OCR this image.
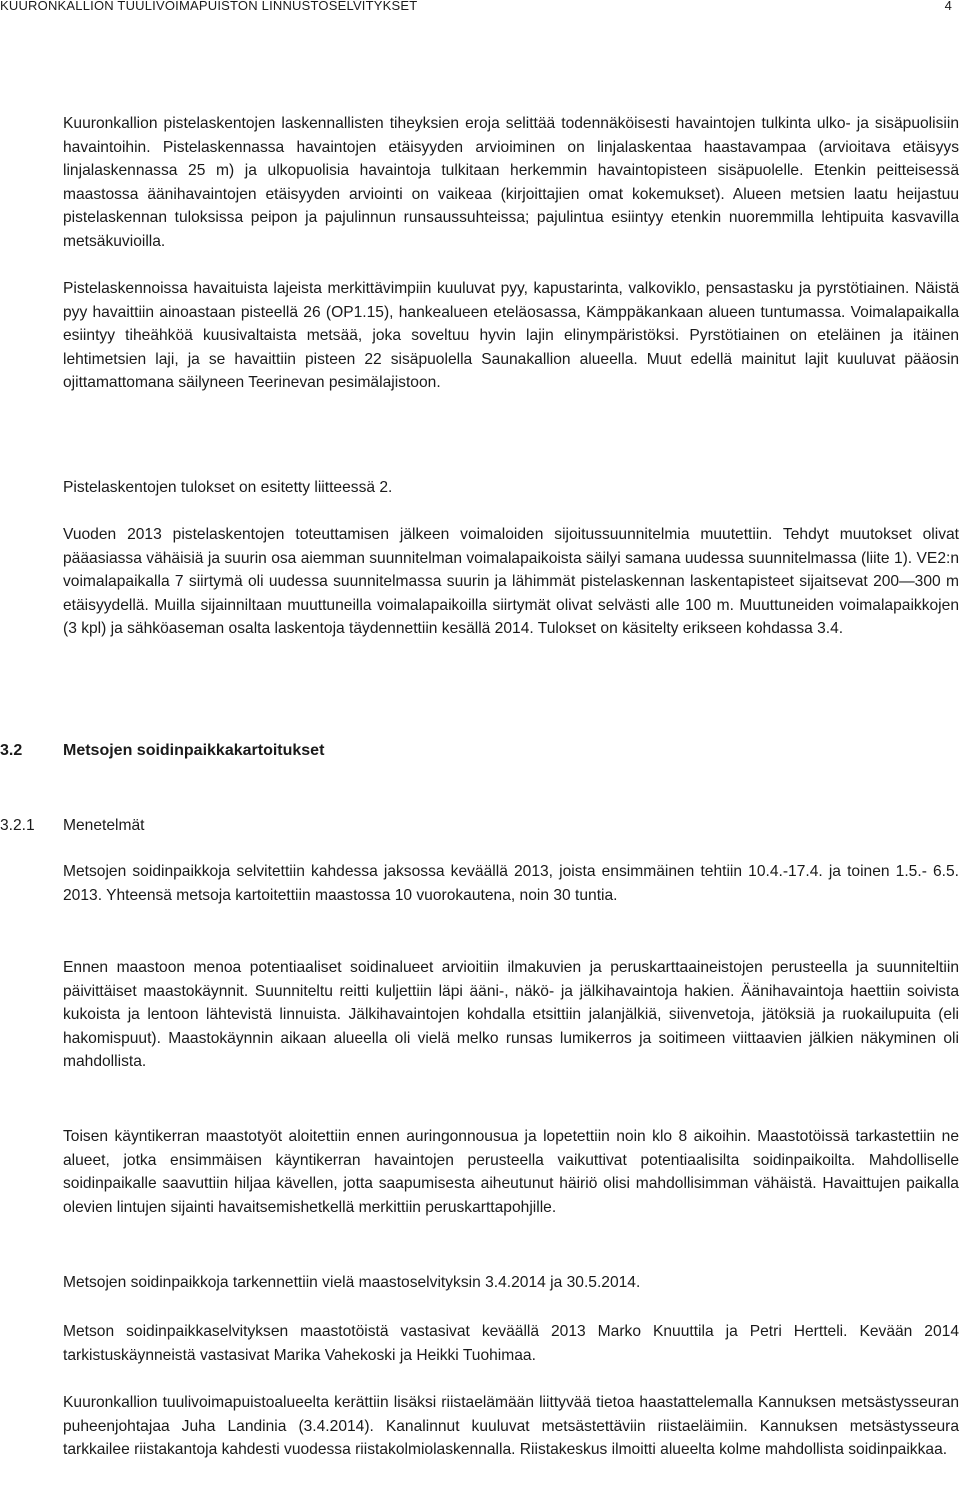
KUURONKALLION TUULIVOIMAPUISTON LINNUSTOSELVITYKSET	4

Kuuronkallion pistelaskentojen laskennallisten tiheyksien eroja selittää todennäköisesti havaintojen tulkinta ulko- ja sisäpuolisiin havaintoihin. Pistelaskennassa havaintojen etäisyyden arvioiminen on linjalaskentaa haastavampaa (arvioitava etäisyys linjalaskennassa 25 m) ja ulkopuolisia havaintoja tulkitaan herkemmin havaintopisteen sisäpuolelle. Etenkin peitteisessä maastossa äänihavaintojen etäisyyden arviointi on vaikeaa (kirjoittajien omat kokemukset). Alueen metsien laatu heijastuu pistelaskennan tuloksissa peipon ja pajulinnun runsaussuhteissa; pajulintua esiintyy etenkin nuoremmilla lehtipuita kasvavilla metsäkuvioilla.

Pistelaskennoissa havaituista lajeista merkittävimpiin kuuluvat pyy, kapustarinta, valkoviklo, pensastasku ja pyrstötiainen. Näistä pyy havaittiin ainoastaan pisteellä 26 (OP1.15), hankealueen eteläosassa, Kämppäkankaan alueen tuntumassa. Voimalapaikalla esiintyy tiheähköä kuusivaltaista metsää, joka soveltuu hyvin lajin elinympäristöksi. Pyrstötiainen on eteläinen ja itäinen lehtimetsien laji, ja se havaittiin pisteen 22 sisäpuolella Saunakallion alueella. Muut edellä mainitut lajit kuuluvat pääosin ojittamattomana säilyneen Teerinevan pesimälajistoon.

Pistelaskentojen tulokset on esitetty liitteessä 2.

Vuoden 2013 pistelaskentojen toteuttamisen jälkeen voimaloiden sijoitussuunnitelmia muutettiin. Tehdyt muutokset olivat pääasiassa vähäisiä ja suurin osa aiemman suunnitelman voimalapaikoista säilyi samana uudessa suunnitelmassa (liite 1). VE2:n voimalapaikalla 7 siirtymä oli uudessa suunnitelmassa suurin ja lähimmät pistelaskennan laskentapisteet sijaitsevat 200—300 m etäisyydellä. Muilla sijainniltaan muuttuneilla voimalapaikoilla siirtymät olivat selvästi alle 100 m. Muuttuneiden voimalapaikkojen (3 kpl) ja sähköaseman osalta laskentoja täydennettiin kesällä 2014. Tulokset on käsitelty erikseen kohdassa 3.4.

3.2	Metsojen soidinpaikkakartoitukset
3.2.1 Menetelmät

Metsojen soidinpaikkoja selvitettiin kahdessa jaksossa keväällä 2013, joista ensimmäinen tehtiin 10.4.-17.4. ja toinen 1.5.- 6.5. 2013. Yhteensä metsoja kartoitettiin maastossa 10 vuorokautena, noin 30 tuntia.

Ennen maastoon menoa potentiaaliset soidinalueet arvioitiin ilmakuvien ja peruskarttaaineistojen perusteella ja suunniteltiin päivittäiset maastokäynnit. Suunniteltu reitti kuljettiin läpi ääni-, näkö- ja jälkihavaintoja hakien. Äänihavaintoja haettiin soivista kukoista ja lentoon lähtevistä linnuista. Jälkihavaintojen kohdalla etsittiin jalanjälkiä, siivenvetoja, jätöksiä ja ruokailupuita (eli hakomispuut). Maastokäynnin aikaan alueella oli vielä melko runsas lumikerros ja soitimeen viittaavien jälkien näkyminen oli mahdollista.

Toisen käyntikerran maastotyöt aloitettiin ennen auringonnousua ja lopetettiin noin klo 8 aikoihin. Maastotöissä tarkastettiin ne alueet, jotka ensimmäisen käyntikerran havaintojen perusteella vaikuttivat potentiaalisilta soidinpaikoilta. Mahdolliselle soidinpaikalle saavuttiin hiljaa kävellen, jotta saapumisesta aiheutunut häiriö olisi mahdollisimman vähäistä. Havaittujen paikalla olevien lintujen sijainti havaitsemishetkellä merkittiin peruskarttapohjille.

Metsojen soidinpaikkoja tarkennettiin vielä maastoselvityksin 3.4.2014 ja 30.5.2014.

Metson soidinpaikkaselvityksen maastotöistä vastasivat keväällä 2013 Marko Knuuttila ja Petri Hertteli. Kevään 2014 tarkistuskäynneistä vastasivat Marika Vahekoski ja Heikki Tuohimaa.

Kuuronkallion tuulivoimapuistoalueelta kerättiin lisäksi riistaelämään liittyvää tietoa haastattelemalla Kannuksen metsästysseuran puheenjohtajaa Juha Landinia (3.4.2014). Kanalinnut kuuluvat metsästettäviin riistaeläimiin. Kannuksen metsästysseura tarkkailee riistakantoja kahdesti vuodessa riistakolmiolaskennalla. Riistakeskus ilmoitti alueelta kolme mahdollista soidinpaikkaa.
